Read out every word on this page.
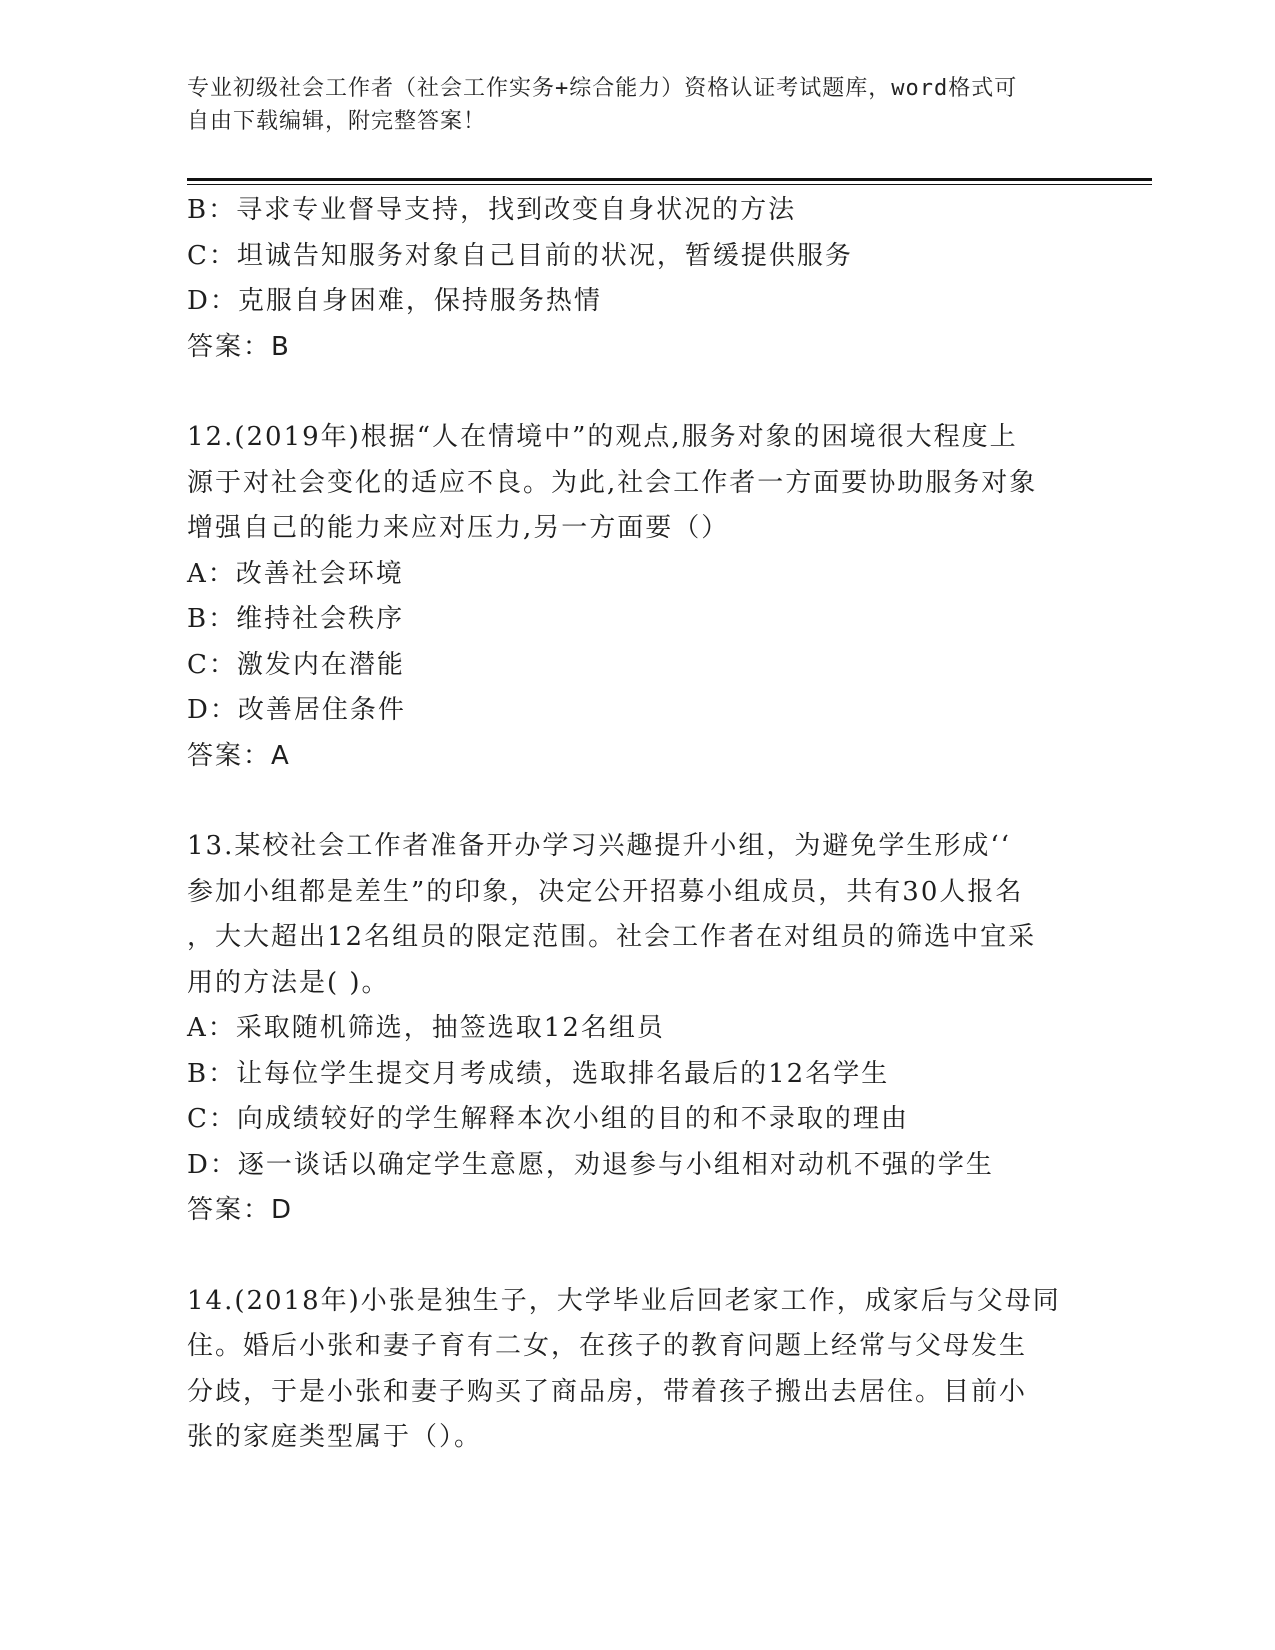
专业初级社会工作者（社会工作实务+综合能力）资格认证考试题库，word格式可
自由下载编辑，附完整答案！
B：寻求专业督导支持，找到改变自身状况的方法
C：坦诚告知服务对象自己目前的状况，暂缓提供服务
D：克服自身困难，保持服务热情
答案：B
12.(2019年)根据“人在情境中”的观点,服务对象的困境很大程度上
源于对社会变化的适应不良。为此,社会工作者一方面要协助服务对象
增强自己的能力来应对压力,另一方面要（）
A：改善社会环境
B：维持社会秩序
C：激发内在潜能
D：改善居住条件
答案：A
13.某校社会工作者准备开办学习兴趣提升小组，为避免学生形成‘‘
参加小组都是差生”的印象，决定公开招募小组成员，共有30人报名
，大大超出12名组员的限定范围。社会工作者在对组员的筛选中宜采
用的方法是( )。
A：采取随机筛选，抽签选取12名组员
B：让每位学生提交月考成绩，选取排名最后的12名学生
C：向成绩较好的学生解释本次小组的目的和不录取的理由
D：逐一谈话以确定学生意愿，劝退参与小组相对动机不强的学生
答案：D
14.(2018年)小张是独生子，大学毕业后回老家工作，成家后与父母同
住。婚后小张和妻子育有二女，在孩子的教育问题上经常与父母发生
分歧，于是小张和妻子购买了商品房，带着孩子搬出去居住。目前小
张的家庭类型属于（）。
